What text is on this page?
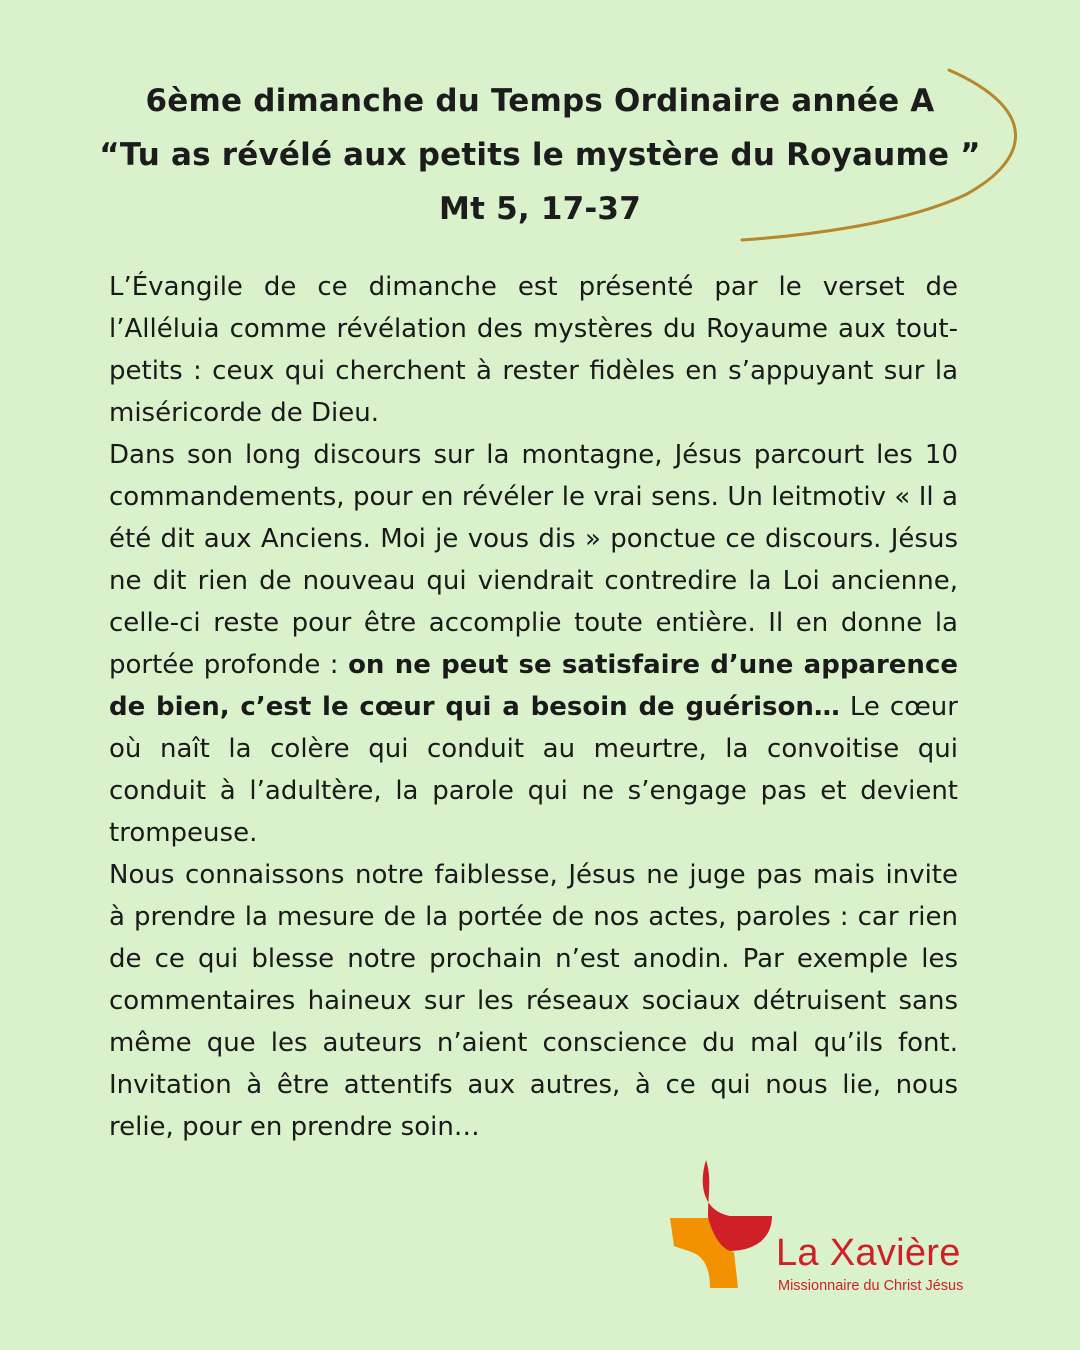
6ème dimanche du Temps Ordinaire année A
“Tu as révélé aux petits le mystère du Royaume ”
Mt 5, 17-37

L’Évangile de ce dimanche est présenté par le verset de l’Alléluia comme révélation des mystères du Royaume aux tout-petits : ceux qui cherchent à rester fidèles en s’appuyant sur la miséricorde de Dieu.

Dans son long discours sur la montagne, Jésus parcourt les 10 commandements, pour en révéler le vrai sens. Un leitmotiv « Il a été dit aux Anciens. Moi je vous dis » ponctue ce discours. Jésus ne dit rien de nouveau qui viendrait contredire la Loi ancienne, celle-ci reste pour être accomplie toute entière. Il en donne la portée profonde : on ne peut se satisfaire d’une apparence de bien, c’est le cœur qui a besoin de guérison… Le cœur où naît la colère qui conduit au meurtre, la convoitise qui conduit à l’adultère, la parole qui ne s’engage pas et devient trompeuse.

Nous connaissons notre faiblesse, Jésus ne juge pas mais invite à prendre la mesure de la portée de nos actes, paroles : car rien de ce qui blesse notre prochain n’est anodin. Par exemple les commentaires haineux sur les réseaux sociaux détruisent sans même que les auteurs n’aient conscience du mal qu’ils font. Invitation à être attentifs aux autres, à ce qui nous lie, nous relie, pour en prendre soin…

La Xavière
Missionnaire du Christ Jésus
